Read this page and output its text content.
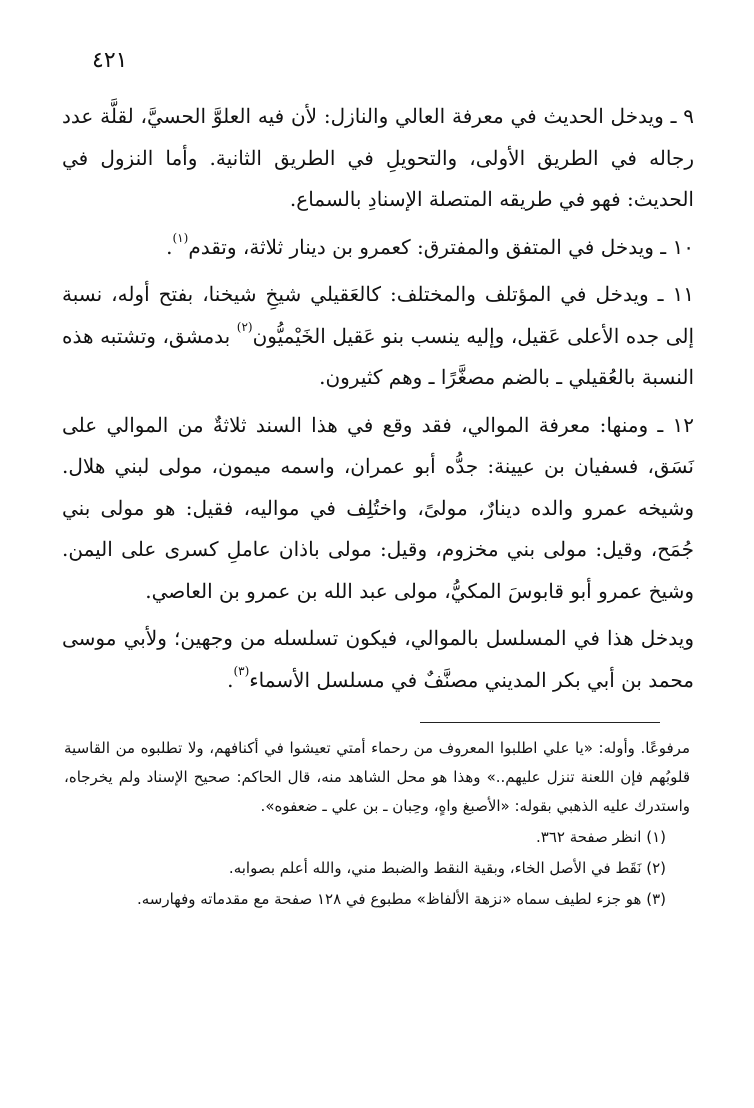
٤٢١

٩ ـ ويدخل الحديث في معرفة العالي والنازل: لأن فيه العلوَّ الحسيَّ، لقلَّة عدد رجاله في الطريق الأولى، والتحويلِ في الطريق الثانية. وأما النزول في الحديث: فهو في طريقه المتصلة الإسنادِ بالسماع.

١٠ ـ ويدخل في المتفق والمفترق: كعمرو بن دينار ثلاثة، وتقدم$^{(١)}$.

١١ ـ ويدخل في المؤتلف والمختلف: كالعَقيلي شيخِ شيخنا، بفتح أوله، نسبة إلى جده الأعلى عَقيل، وإليه ينسب بنو عَقيل الخَيْميُّون$^{(٢)}$ بدمشق، وتشتبه هذه النسبة بالعُقيلي ـ بالضم مصغَّرًا ـ وهم كثيرون.

١٢ ـ ومنها: معرفة الموالي، فقد وقع في هذا السند ثلاثةٌ من الموالي على نَسَق، فسفيان بن عيينة: جدُّه أبو عمران، واسمه ميمون، مولى لبني هلال. وشيخه عمرو والده دينارٌ، مولىً، واختُلِف في مواليه، فقيل: هو مولى بني جُمَح، وقيل: مولى بني مخزوم، وقيل: مولى باذان عاملِ كسرى على اليمن. وشيخ عمرو أبو قابوسَ المكيُّ، مولى عبد الله بن عمرو بن العاصي.

ويدخل هذا في المسلسل بالموالي، فيكون تسلسله من وجهين؛ ولأبي موسى محمد بن أبي بكر المديني مصنَّفٌ في مسلسل الأسماء$^{(٣)}$.

مرفوعًا. وأوله: «يا علي اطلبوا المعروف من رحماء أمتي تعيشوا في أكنافهم، ولا تطلبوه من القاسية قلوبُهم فإن اللعنة تنزل عليهم..» وهذا هو محل الشاهد منه، قال الحاكم: صحيح الإسناد ولم يخرجاه، واستدرك عليه الذهبي بقوله: «الأصبغ واهٍ، وحِبان ـ بن علي ـ ضعفوه».

(١) انظر صفحة ٣٦٢.

(٢) نَقَط في الأصل الخاء، وبقية النقط والضبط مني، والله أعلم بصوابه.

(٣) هو جزء لطيف سماه «نزهة الألفاظ» مطبوع في ١٢٨ صفحة مع مقدماته وفهارسه.
